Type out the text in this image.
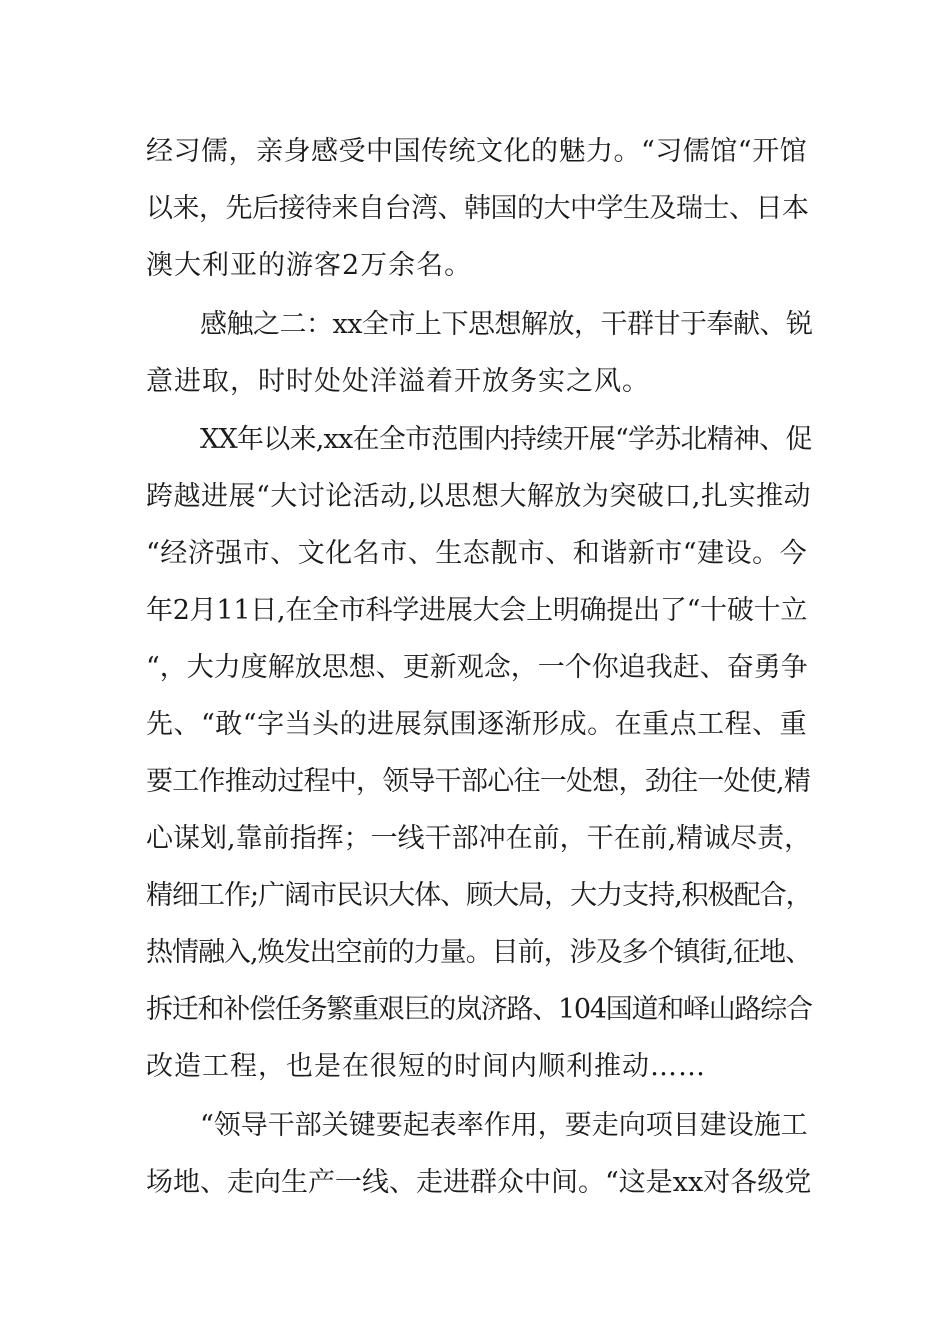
经习儒，亲身感受中国传统文化的魅力。“习儒馆“开馆
以来，先后接待来自台湾、韩国的大中学生及瑞士、日本
澳大利亚的游客2万余名。
感触之二：xx全市上下思想解放，干群甘于奉献、锐
意进取，时时处处洋溢着开放务实之风。
XX年以来,xx在全市范围内持续开展“学苏北精神、促
跨越进展“大讨论活动,以思想大解放为突破口,扎实推动
“经济强市、文化名市、生态靓市、和谐新市“建设。今
年2月11日,在全市科学进展大会上明确提出了“十破十立
“，大力度解放思想、更新观念，一个你追我赶、奋勇争
先、“敢“字当头的进展氛围逐渐形成。在重点工程、重
要工作推动过程中，领导干部心往一处想，劲往一处使,精
心谋划,靠前指挥；一线干部冲在前，干在前,精诚尽责，
精细工作;广阔市民识大体、顾大局，大力支持,积极配合，
热情融入,焕发出空前的力量。目前，涉及多个镇街,征地、
拆迁和补偿任务繁重艰巨的岚济路、104国道和峄山路综合
改造工程，也是在很短的时间内顺利推动……
“领导干部关键要起表率作用，要走向项目建设施工
场地、走向生产一线、走进群众中间。“这是xx对各级党
